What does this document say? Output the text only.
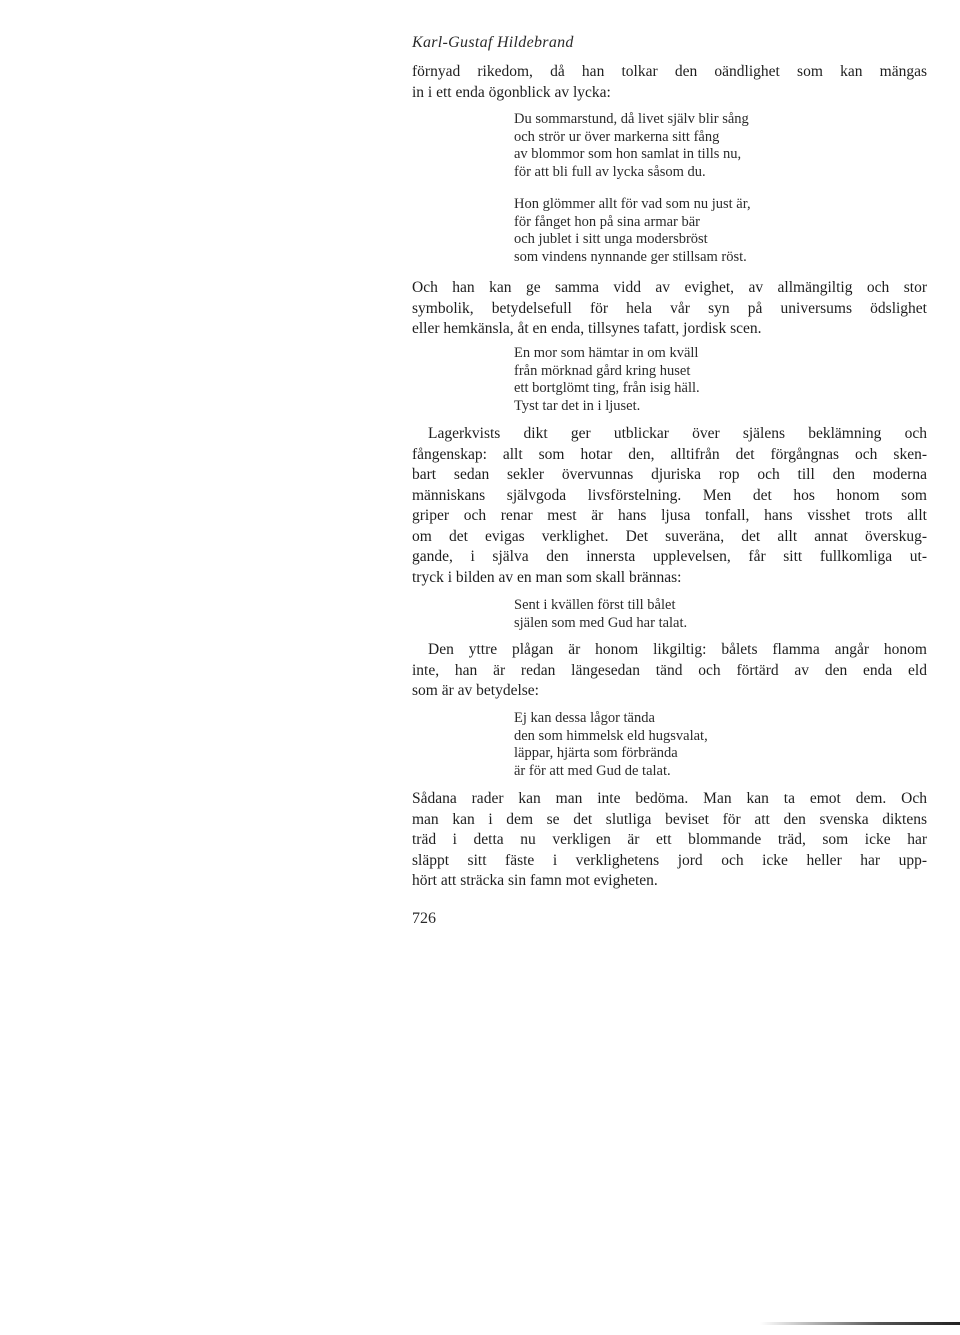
Karl-Gustaf Hildebrand
förnyad rikedom, då han tolkar den oändlighet som kan mängas
in i ett enda ögonblick av lycka:
Du sommarstund, då livet själv blir sång
och strör ur över markerna sitt fång
av blommor som hon samlat in tills nu,
för att bli full av lycka såsom du.
Hon glömmer allt för vad som nu just är,
för fånget hon på sina armar bär
och jublet i sitt unga modersbröst
som vindens nynnande ger stillsam röst.
Och han kan ge samma vidd av evighet, av allmängiltig och stor
symbolik, betydelsefull för hela vår syn på universums ödslighet
eller hemkänsla, åt en enda, tillsynes tafatt, jordisk scen.
En mor som hämtar in om kväll
från mörknad gård kring huset
ett bortglömt ting, från isig häll.
Tyst tar det in i ljuset.
Lagerkvists dikt ger utblickar över själens beklämning och
fångenskap: allt som hotar den, alltifrån det förgångnas och sken-
bart sedan sekler övervunnas djuriska rop och till den moderna
människans självgoda livsförstelning. Men det hos honom som
griper och renar mest är hans ljusa tonfall, hans visshet trots allt
om det evigas verklighet. Det suveräna, det allt annat överskug-
gande, i själva den innersta upplevelsen, får sitt fullkomliga ut-
tryck i bilden av en man som skall brännas:
Sent i kvällen först till bålet
själen som med Gud har talat.
Den yttre plågan är honom likgiltig: bålets flamma angår honom
inte, han är redan längesedan tänd och förtärd av den enda eld
som är av betydelse:
Ej kan dessa lågor tända
den som himmelsk eld hugsvalat,
läppar, hjärta som förbrända
är för att med Gud de talat.
Sådana rader kan man inte bedöma. Man kan ta emot dem. Och
man kan i dem se det slutliga beviset för att den svenska diktens
träd i detta nu verkligen är ett blommande träd, som icke har
släppt sitt fäste i verklighetens jord och icke heller har upp-
hört att sträcka sin famn mot evigheten.
726
